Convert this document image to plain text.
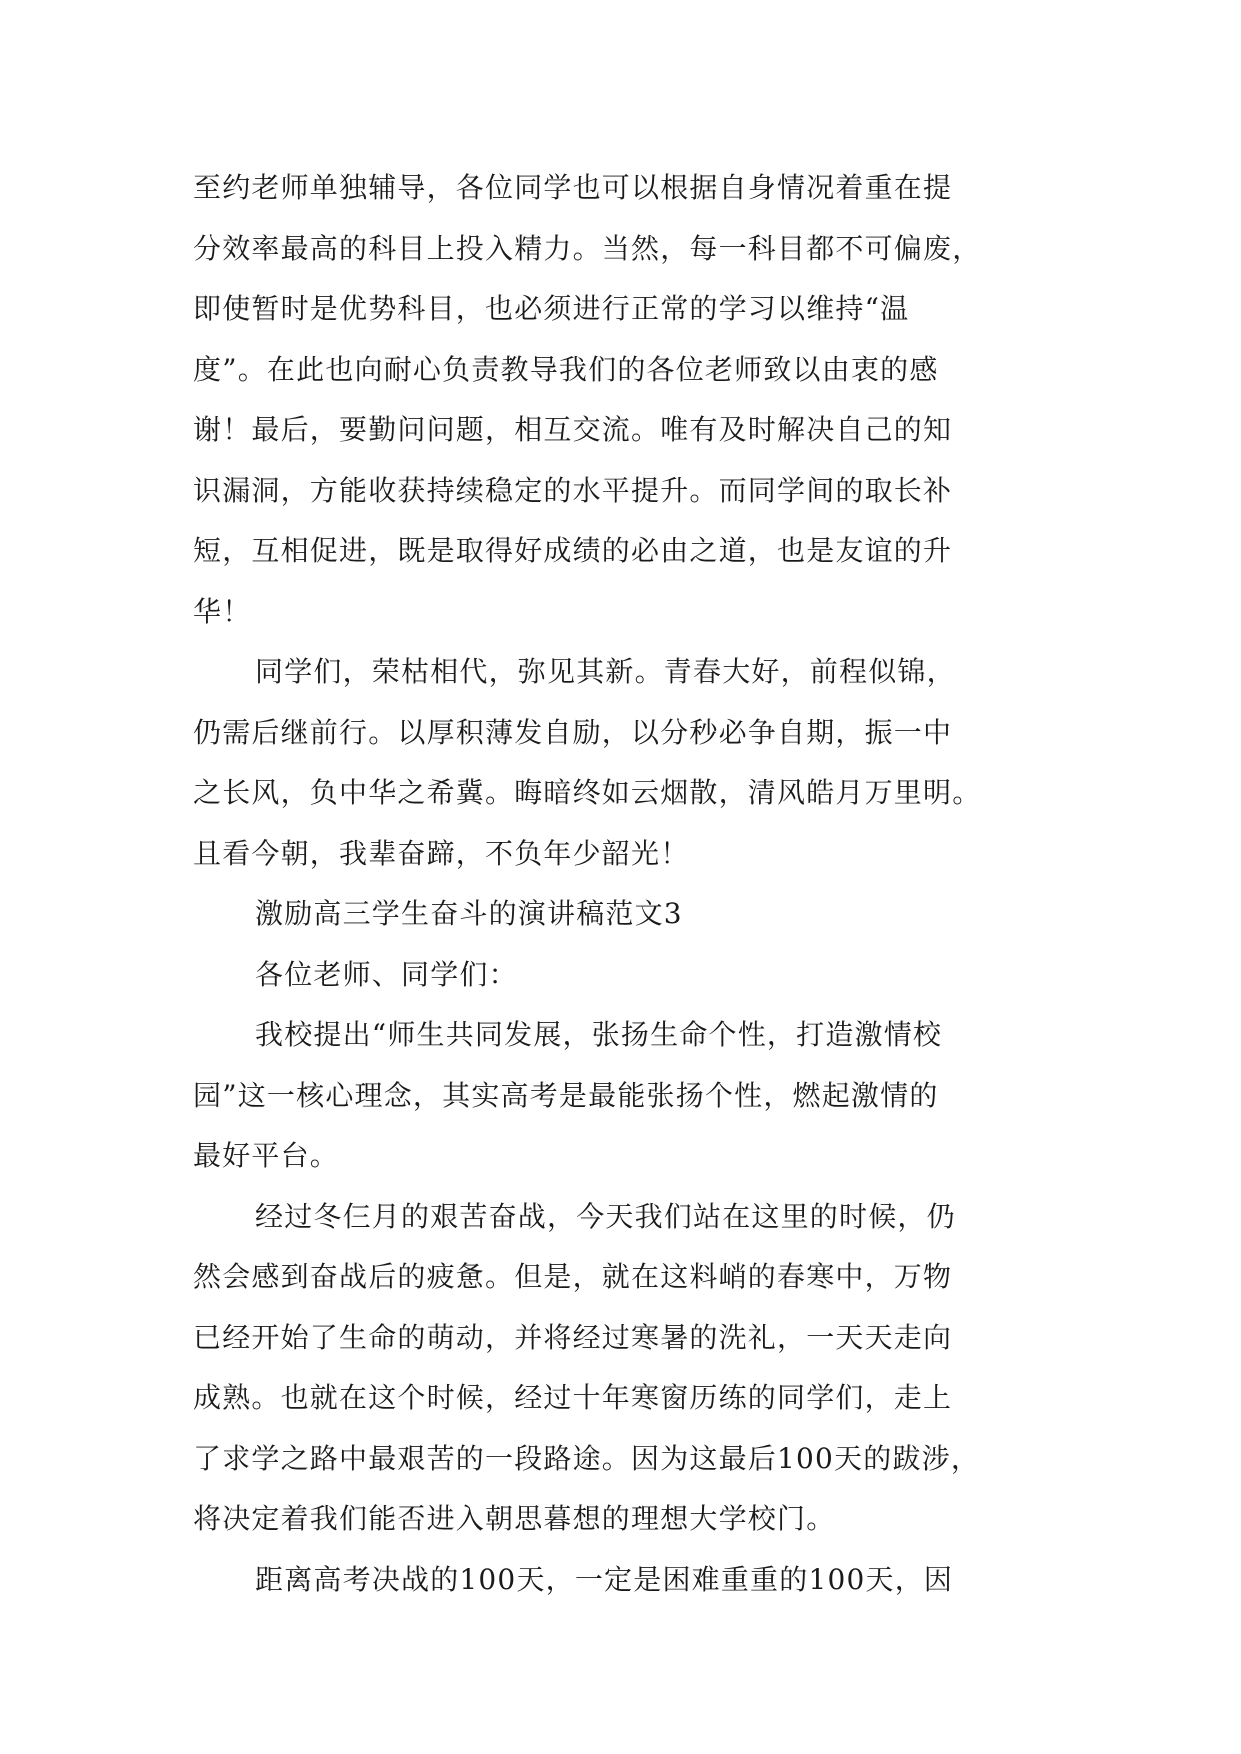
至约老师单独辅导，各位同学也可以根据自身情况着重在提
分效率最高的科目上投入精力。当然，每一科目都不可偏废，
即使暂时是优势科目，也必须进行正常的学习以维持“温
度”。在此也向耐心负责教导我们的各位老师致以由衷的感
谢！最后，要勤问问题，相互交流。唯有及时解决自己的知
识漏洞，方能收获持续稳定的水平提升。而同学间的取长补
短，互相促进，既是取得好成绩的必由之道，也是友谊的升
华！
同学们，荣枯相代，弥见其新。青春大好，前程似锦，
仍需后继前行。以厚积薄发自励，以分秒必争自期，振一中
之长风，负中华之希冀。晦暗终如云烟散，清风皓月万里明。
且看今朝，我辈奋蹄，不负年少韶光！
激励高三学生奋斗的演讲稿范文3
各位老师、同学们：
我校提出“师生共同发展，张扬生命个性，打造激情校
园”这一核心理念，其实高考是最能张扬个性，燃起激情的
最好平台。
经过冬仨月的艰苦奋战，今天我们站在这里的时候，仍
然会感到奋战后的疲惫。但是，就在这料峭的春寒中，万物
已经开始了生命的萌动，并将经过寒暑的洗礼，一天天走向
成熟。也就在这个时候，经过十年寒窗历练的同学们，走上
了求学之路中最艰苦的一段路途。因为这最后100天的跋涉，
将决定着我们能否进入朝思暮想的理想大学校门。
距离高考决战的100天，一定是困难重重的100天，因
